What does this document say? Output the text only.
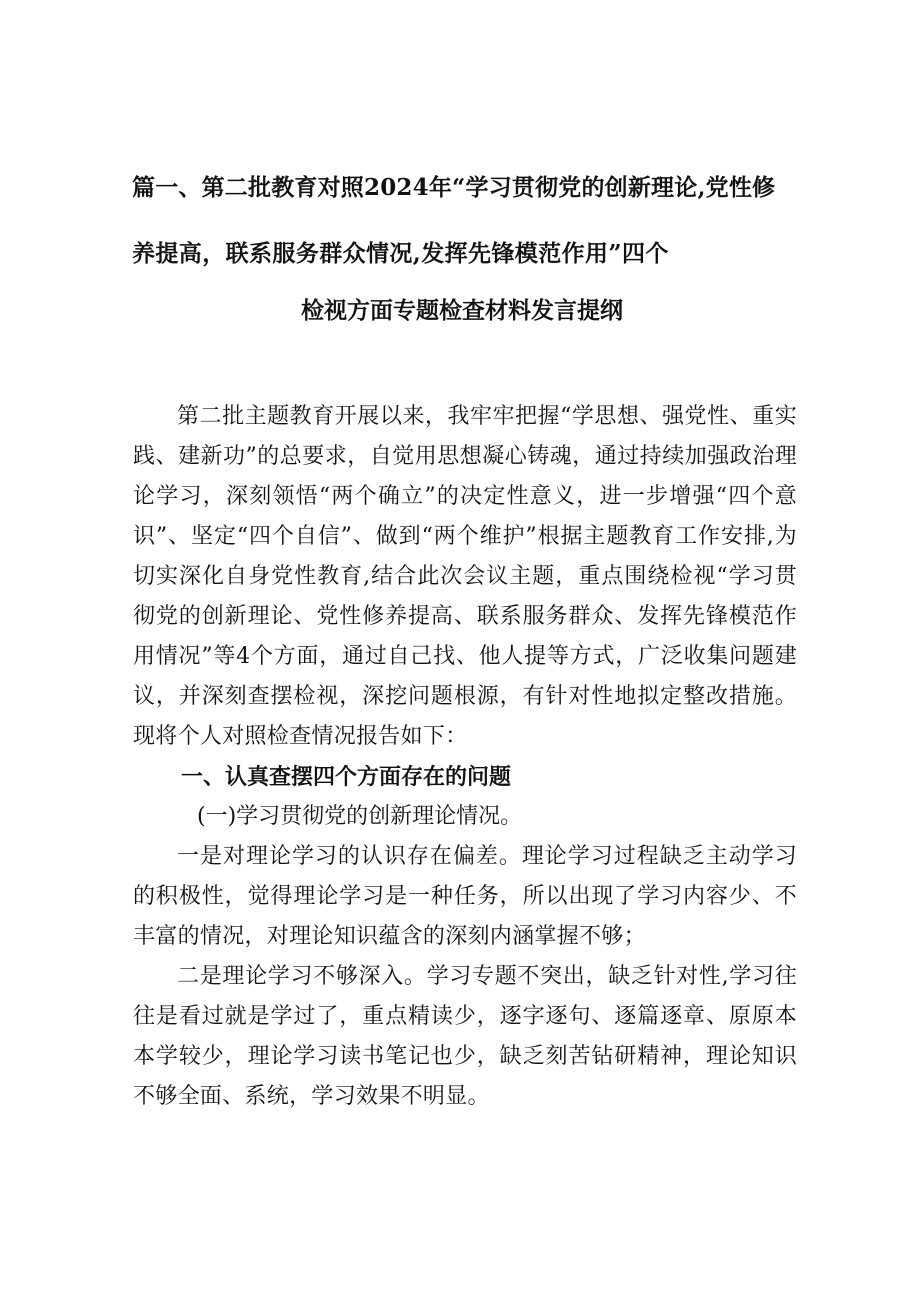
篇一、第二批教育对照2024年“学习贯彻党的创新理论,党性修
养提高，联系服务群众情况,发挥先锋模范作用”四个
检视方面专题检查材料发言提纲

第二批主题教育开展以来，我牢牢把握“学思想、强党性、重实践、建新功”的总要求，自觉用思想凝心铸魂，通过持续加强政治理论学习，深刻领悟“两个确立”的决定性意义，进一步增强“四个意识”、坚定“四个自信”、做到“两个维护”根据主题教育工作安排,为切实深化自身党性教育,结合此次会议主题，重点围绕检视“学习贯彻党的创新理论、党性修养提高、联系服务群众、发挥先锋模范作用情况”等4个方面，通过自己找、他人提等方式，广泛收集问题建议，并深刻查摆检视，深挖问题根源，有针对性地拟定整改措施。现将个人对照检查情况报告如下：

一、认真查摆四个方面存在的问题

(一)学习贯彻党的创新理论情况。

一是对理论学习的认识存在偏差。理论学习过程缺乏主动学习的积极性，觉得理论学习是一种任务，所以出现了学习内容少、不丰富的情况，对理论知识蕴含的深刻内涵掌握不够；

二是理论学习不够深入。学习专题不突出，缺乏针对性,学习往往是看过就是学过了，重点精读少，逐字逐句、逐篇逐章、原原本本学较少，理论学习读书笔记也少，缺乏刻苦钻研精神，理论知识不够全面、系统，学习效果不明显。
